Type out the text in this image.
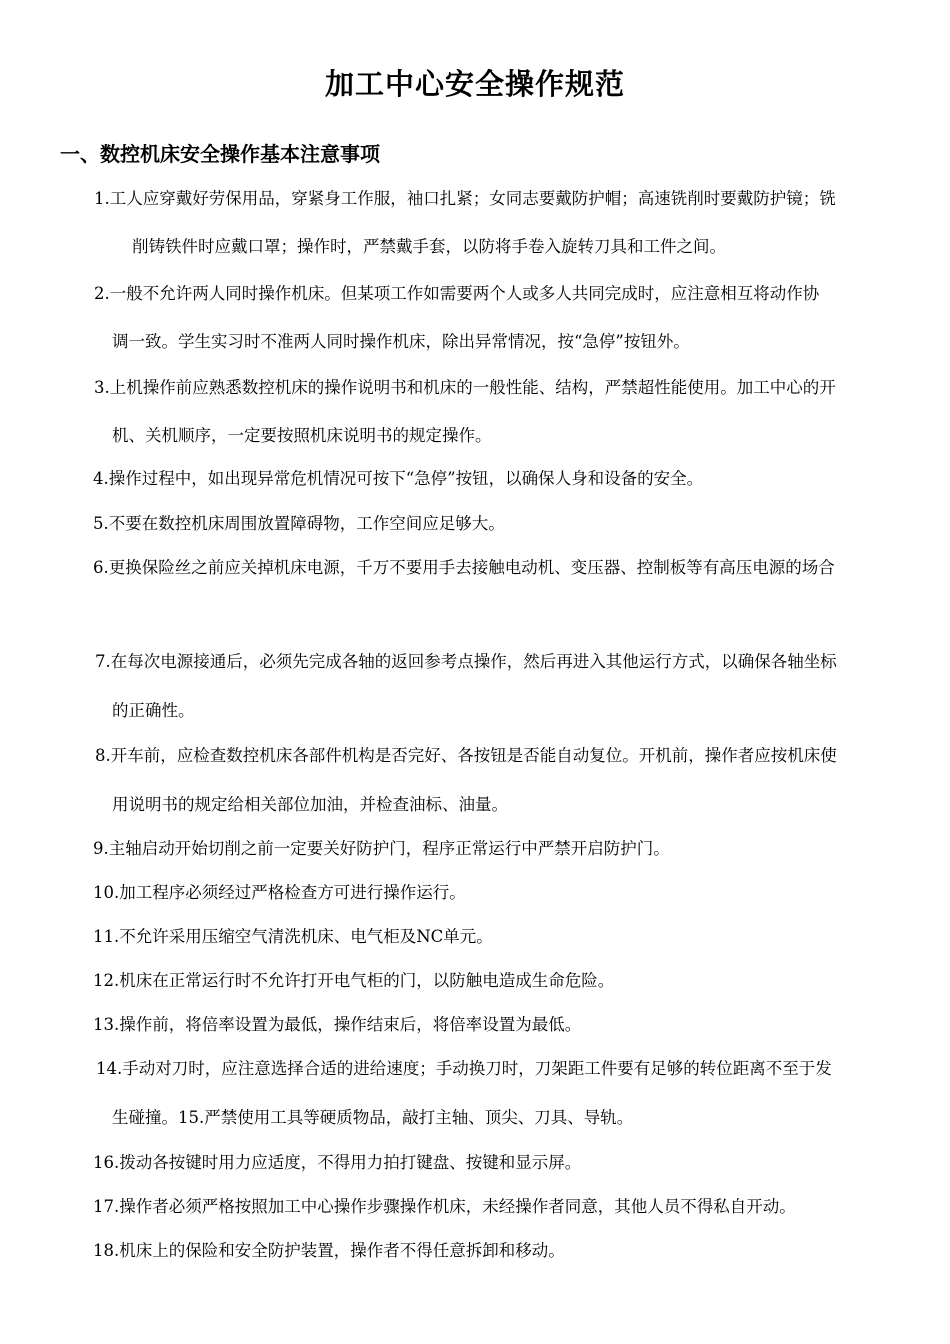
加工中心安全操作规范
一、数控机床安全操作基本注意事项

1.工人应穿戴好劳保用品，穿紧身工作服，袖口扎紧；女同志要戴防护帽；高速铣削时要戴防护镜；铣

削铸铁件时应戴口罩；操作时，严禁戴手套，以防将手卷入旋转刀具和工件之间。

2.一般不允许两人同时操作机床。但某项工作如需要两个人或多人共同完成时，应注意相互将动作协

调一致。学生实习时不准两人同时操作机床，除出异常情况，按“急停”按钮外。

3.上机操作前应熟悉数控机床的操作说明书和机床的一般性能、结构，严禁超性能使用。加工中心的开

机、关机顺序，一定要按照机床说明书的规定操作。

4.操作过程中，如出现异常危机情况可按下“急停”按钮，以确保人身和设备的安全。

5.不要在数控机床周围放置障碍物，工作空间应足够大。

6.更换保险丝之前应关掉机床电源，千万不要用手去接触电动机、变压器、控制板等有高压电源的场合

7.在每次电源接通后，必须先完成各轴的返回参考点操作，然后再进入其他运行方式，以确保各轴坐标

的正确性。

8.开车前，应检查数控机床各部件机构是否完好、各按钮是否能自动复位。开机前，操作者应按机床使

用说明书的规定给相关部位加油，并检查油标、油量。

9.主轴启动开始切削之前一定要关好防护门，程序正常运行中严禁开启防护门。

10.加工程序必须经过严格检查方可进行操作运行。

11.不允许采用压缩空气清洗机床、电气柜及NC单元。

12.机床在正常运行时不允许打开电气柜的门，以防触电造成生命危险。

13.操作前，将倍率设置为最低，操作结束后，将倍率设置为最低。

14.手动对刀时，应注意选择合适的进给速度；手动换刀时，刀架距工件要有足够的转位距离不至于发

生碰撞。15.严禁使用工具等硬质物品，敲打主轴、顶尖、刀具、导轨。

16.拨动各按键时用力应适度，不得用力拍打键盘、按键和显示屏。

17.操作者必须严格按照加工中心操作步骤操作机床，未经操作者同意，其他人员不得私自开动。

18.机床上的保险和安全防护装置，操作者不得任意拆卸和移动。
